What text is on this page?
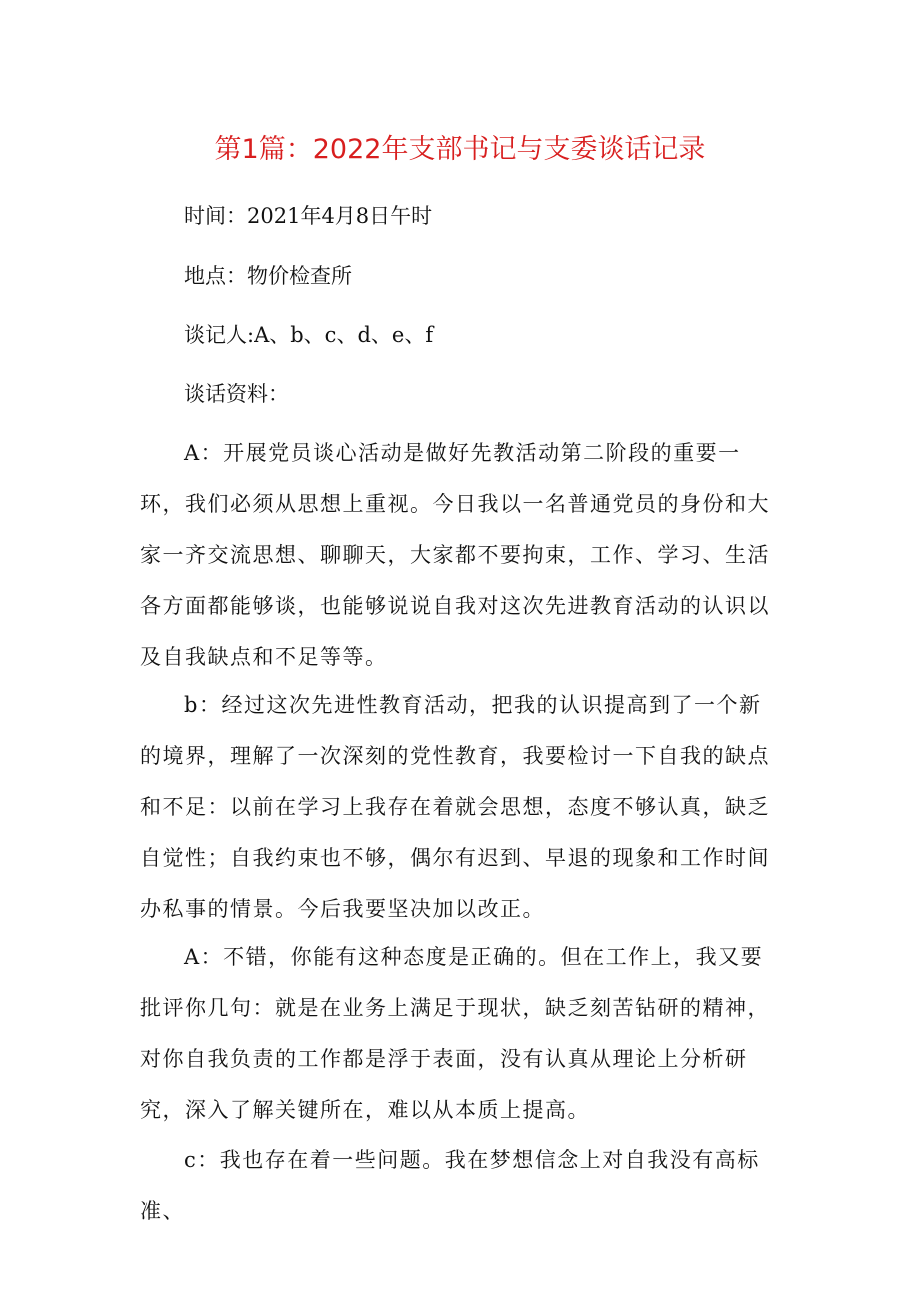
第1篇：2022年支部书记与支委谈话记录

时间：2021年4月8日午时

地点：物价检查所

谈记人:A、b、c、d、e、f

谈话资料：

A：开展党员谈心活动是做好先教活动第二阶段的重要一环，我们必须从思想上重视。今日我以一名普通党员的身份和大家一齐交流思想、聊聊天，大家都不要拘束，工作、学习、生活各方面都能够谈，也能够说说自我对这次先进教育活动的认识以及自我缺点和不足等等。

b：经过这次先进性教育活动，把我的认识提高到了一个新的境界，理解了一次深刻的党性教育，我要检讨一下自我的缺点和不足：以前在学习上我存在着就会思想，态度不够认真，缺乏自觉性；自我约束也不够，偶尔有迟到、早退的现象和工作时间办私事的情景。今后我要坚决加以改正。

A：不错，你能有这种态度是正确的。但在工作上，我又要批评你几句：就是在业务上满足于现状，缺乏刻苦钻研的精神，对你自我负责的工作都是浮于表面，没有认真从理论上分析研究，深入了解关键所在，难以从本质上提高。

c：我也存在着一些问题。我在梦想信念上对自我没有高标准、
